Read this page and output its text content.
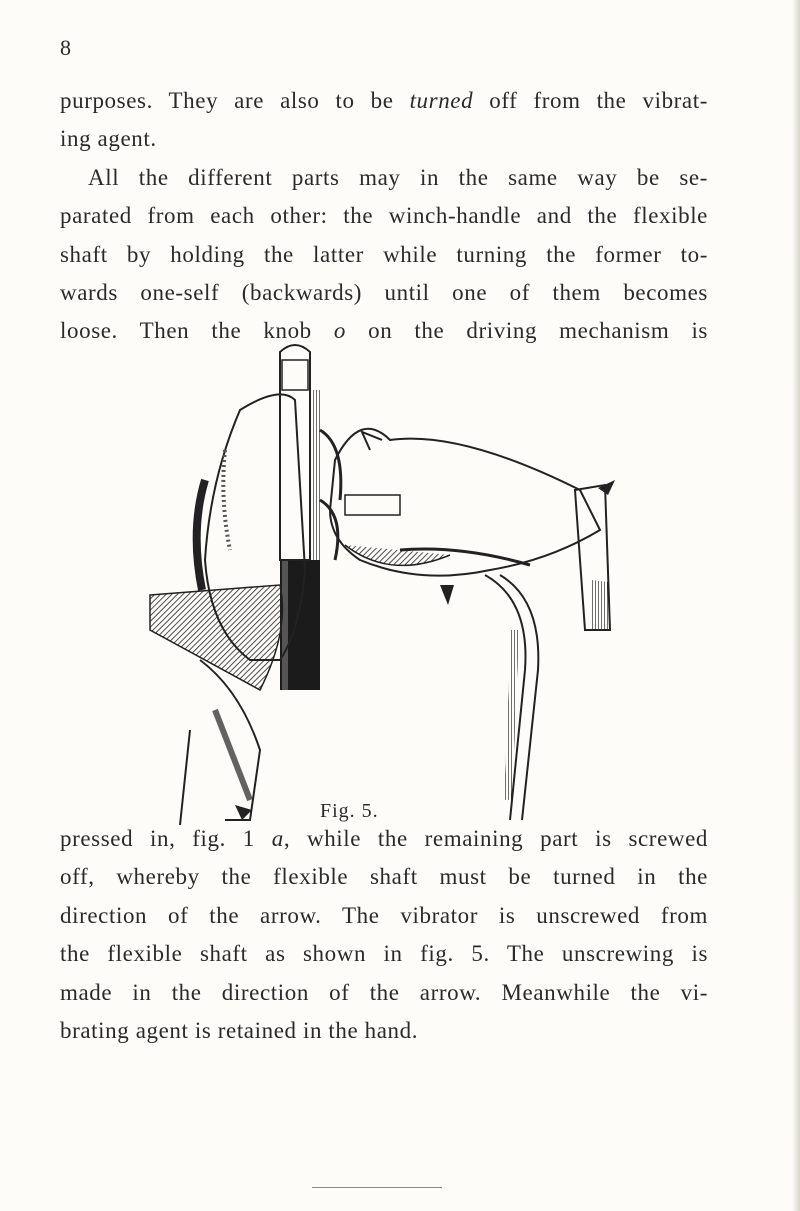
8
purposes. They are also to be turned off from the vibrat-
ing agent.
All the different parts may in the same way be se-
parated from each other: the winch-handle and the flexible
shaft by holding the latter while turning the former to-
wards one-self (backwards) until one of them becomes
loose. Then the knob o on the driving mechanism is
Fig. 5.
pressed in, fig. 1 a, while the remaining part is screwed
off, whereby the flexible shaft must be turned in the
direction of the arrow. The vibrator is unscrewed from
the flexible shaft as shown in fig. 5. The unscrewing is
made in the direction of the arrow. Meanwhile the vi-
brating agent is retained in the hand.
